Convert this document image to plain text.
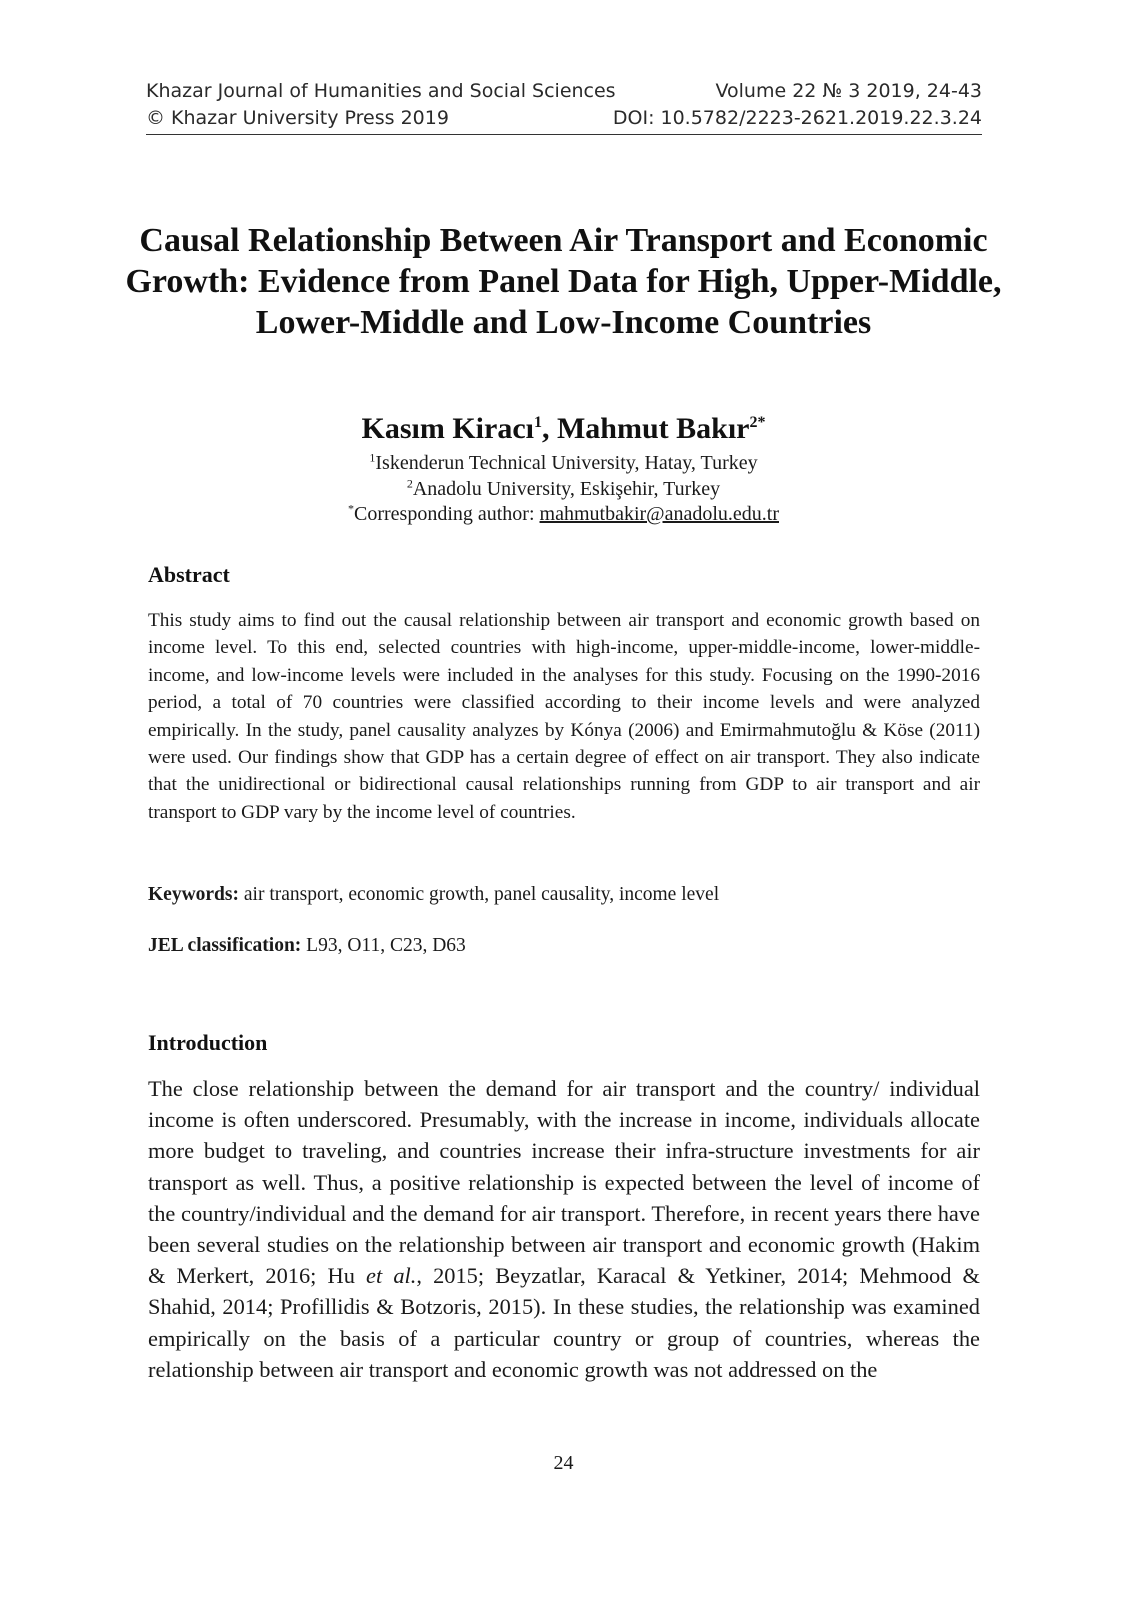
Khazar Journal of Humanities and Social Sciences	Volume 22 № 3 2019, 24-43
© Khazar University Press 2019	DOI: 10.5782/2223-2621.2019.22.3.24
Causal Relationship Between Air Transport and Economic Growth: Evidence from Panel Data for High, Upper-Middle, Lower-Middle and Low-Income Countries
Kasım Kiracı$^1$, Mahmut Bakır$^{2*}$
$^1$Iskenderun Technical University, Hatay, Turkey
$^2$Anadolu University, Eskişehir, Turkey
*Corresponding author: mahmutbakir@anadolu.edu.tr
Abstract

This study aims to find out the causal relationship between air transport and economic growth based on income level. To this end, selected countries with high-income, upper-middle-income, lower-middle-income, and low-income levels were included in the analyses for this study. Focusing on the 1990-2016 period, a total of 70 countries were classified according to their income levels and were analyzed empirically. In the study, panel causality analyzes by Kónya (2006) and Emirmahmutoğlu & Köse (2011) were used. Our findings show that GDP has a certain degree of effect on air transport. They also indicate that the unidirectional or bidirectional causal relationships running from GDP to air transport and air transport to GDP vary by the income level of countries.

Keywords: air transport, economic growth, panel causality, income level
JEL classification: L93, O11, C23, D63
Introduction

The close relationship between the demand for air transport and the country/ individual income is often underscored. Presumably, with the increase in income, individuals allocate more budget to traveling, and countries increase their infra-structure investments for air transport as well. Thus, a positive relationship is expected between the level of income of the country/individual and the demand for air transport. Therefore, in recent years there have been several studies on the relationship between air transport and economic growth (Hakim & Merkert, 2016; Hu et al., 2015; Beyzatlar, Karacal & Yetkiner, 2014; Mehmood & Shahid, 2014; Profillidis & Botzoris, 2015). In these studies, the relationship was examined empirically on the basis of a particular country or group of countries, whereas the relationship between air transport and economic growth was not addressed on the

24
